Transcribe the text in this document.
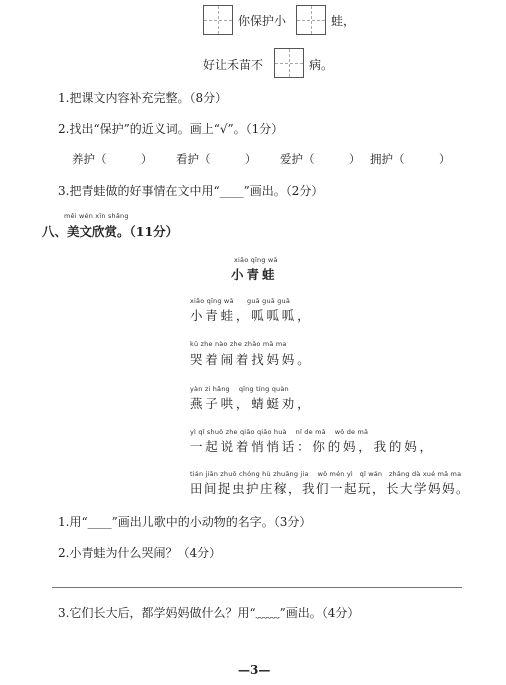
你保护小	蛙，
好让禾苗不	病。
1.把课文内容补充完整。（8分）
2.找出“保护”的近义词。画上“√”。（1分）
养护（　　　） 看护（　　　） 爱护（　　　） 拥护（　　　）
3.把青蛙做的好事情在文中用“____”画出。（2分）
měi wén xīn shǎng
八、美文欣赏。（11分）
xiǎo qīng wā
小青蛙
xiǎo qīng wā　　guā guā guā
小青蛙，呱呱呱，
kū zhe nào zhe zhǎo mā ma
哭着闹着找妈妈。
yàn zi hǎng　 qīng tíng quàn
燕子哄，蜻蜓劝，
yì qǐ shuō zhe qiāo qiāo huà　 nǐ de mā　 wǒ de mā
一起说着悄悄话：你的妈，我的妈，
tián jiān zhuō chóng hù zhuāng jia　 wǒ mén yì　qǐ wán　zhǎng dà xué mā ma
田间捉虫护庄稼，我们一起玩，长大学妈妈。
1.用“____”画出儿歌中的小动物的名字。（3分）
2.小青蛙为什么哭闹？（4分）
3.它们长大后，都学妈妈做什么？用“﹏﹏”画出。（4分）
—3—
